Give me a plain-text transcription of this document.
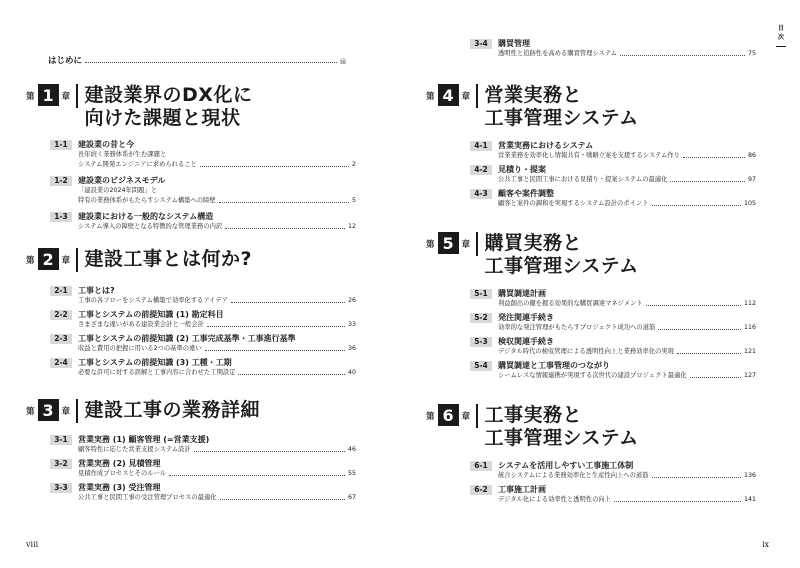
目次
はじめに	iii
第 1 章 建設業界のDX化に
向けた課題と現状
1-1	建設業の昔と今
長年続く業務体系が生む課題と
システム開発エンジニアに求められること	2
1-2	建設業のビジネスモデル
「建設業の2024年問題」と
特有の業務体系がもたらすシステム構築への障壁	5
1-3	建設業における一般的なシステム構造
システム導入の障壁となる特徴的な管理業務の内訳	12
第 2 章 建設工事とは何か?
2-1	工事とは?
工事の各フローをシステム構築で効率化するアイデア	26
2-2	工事とシステムの前提知識 (1) 勘定科目
さまざまな違いがある建設業会計と一般会計	33
2-3	工事とシステムの前提知識 (2) 工事完成基準・工事進行基準
収益と費用の把握に用いる2つの基準の違い	36
2-4	工事とシステムの前提知識 (3) 工種・工期
必要な許可に対する誤解と工事内容に合わせた工期設定	40
第 3 章 建設工事の業務詳細
3-1	営業実務 (1) 顧客管理 (=営業支援)
顧客特性に応じた営業支援システム設計	46
3-2	営業実務 (2) 見積管理
見積作成プロセスとそのルール	55
3-3	営業実務 (3) 受注管理
公共工事と民間工事の受注管理プロセスの最適化	67
3-4	購買管理
透明性と追跡性を高める購買管理システム	75
第 4 章 営業実務と
工事管理システム
4-1	営業実務におけるシステム
営業業務を効率化し情報共有・戦略立案を支援するシステム作り	86
4-2	見積り・提案
公共工事と民間工事における見積り・提案システムの最適化	97
4-3	顧客や案件調整
顧客と案件の調和を実現するシステム設計のポイント	105
第 5 章 購買実務と
工事管理システム
5-1	購買調達計画
利益創出の鍵を握る効果的な購買調達マネジメント	112
5-2	発注関連手続き
効率的な発注管理がもたらすプロジェクト成功への道筋	116
5-3	検収関連手続き
デジタル時代の検収管理による透明性向上と業務効率化の実現	121
5-4	購買調達と工事管理のつながり
シームレスな情報連携が実現する次世代の建設プロジェクト最適化	127
第 6 章 工事実務と
工事管理システム
6-1	システムを活用しやすい工事施工体制
統合システムによる業務効率化と生産性向上への道筋	136
6-2	工事施工計画
デジタル化による効率性と透明性の向上	141
viii	ix
